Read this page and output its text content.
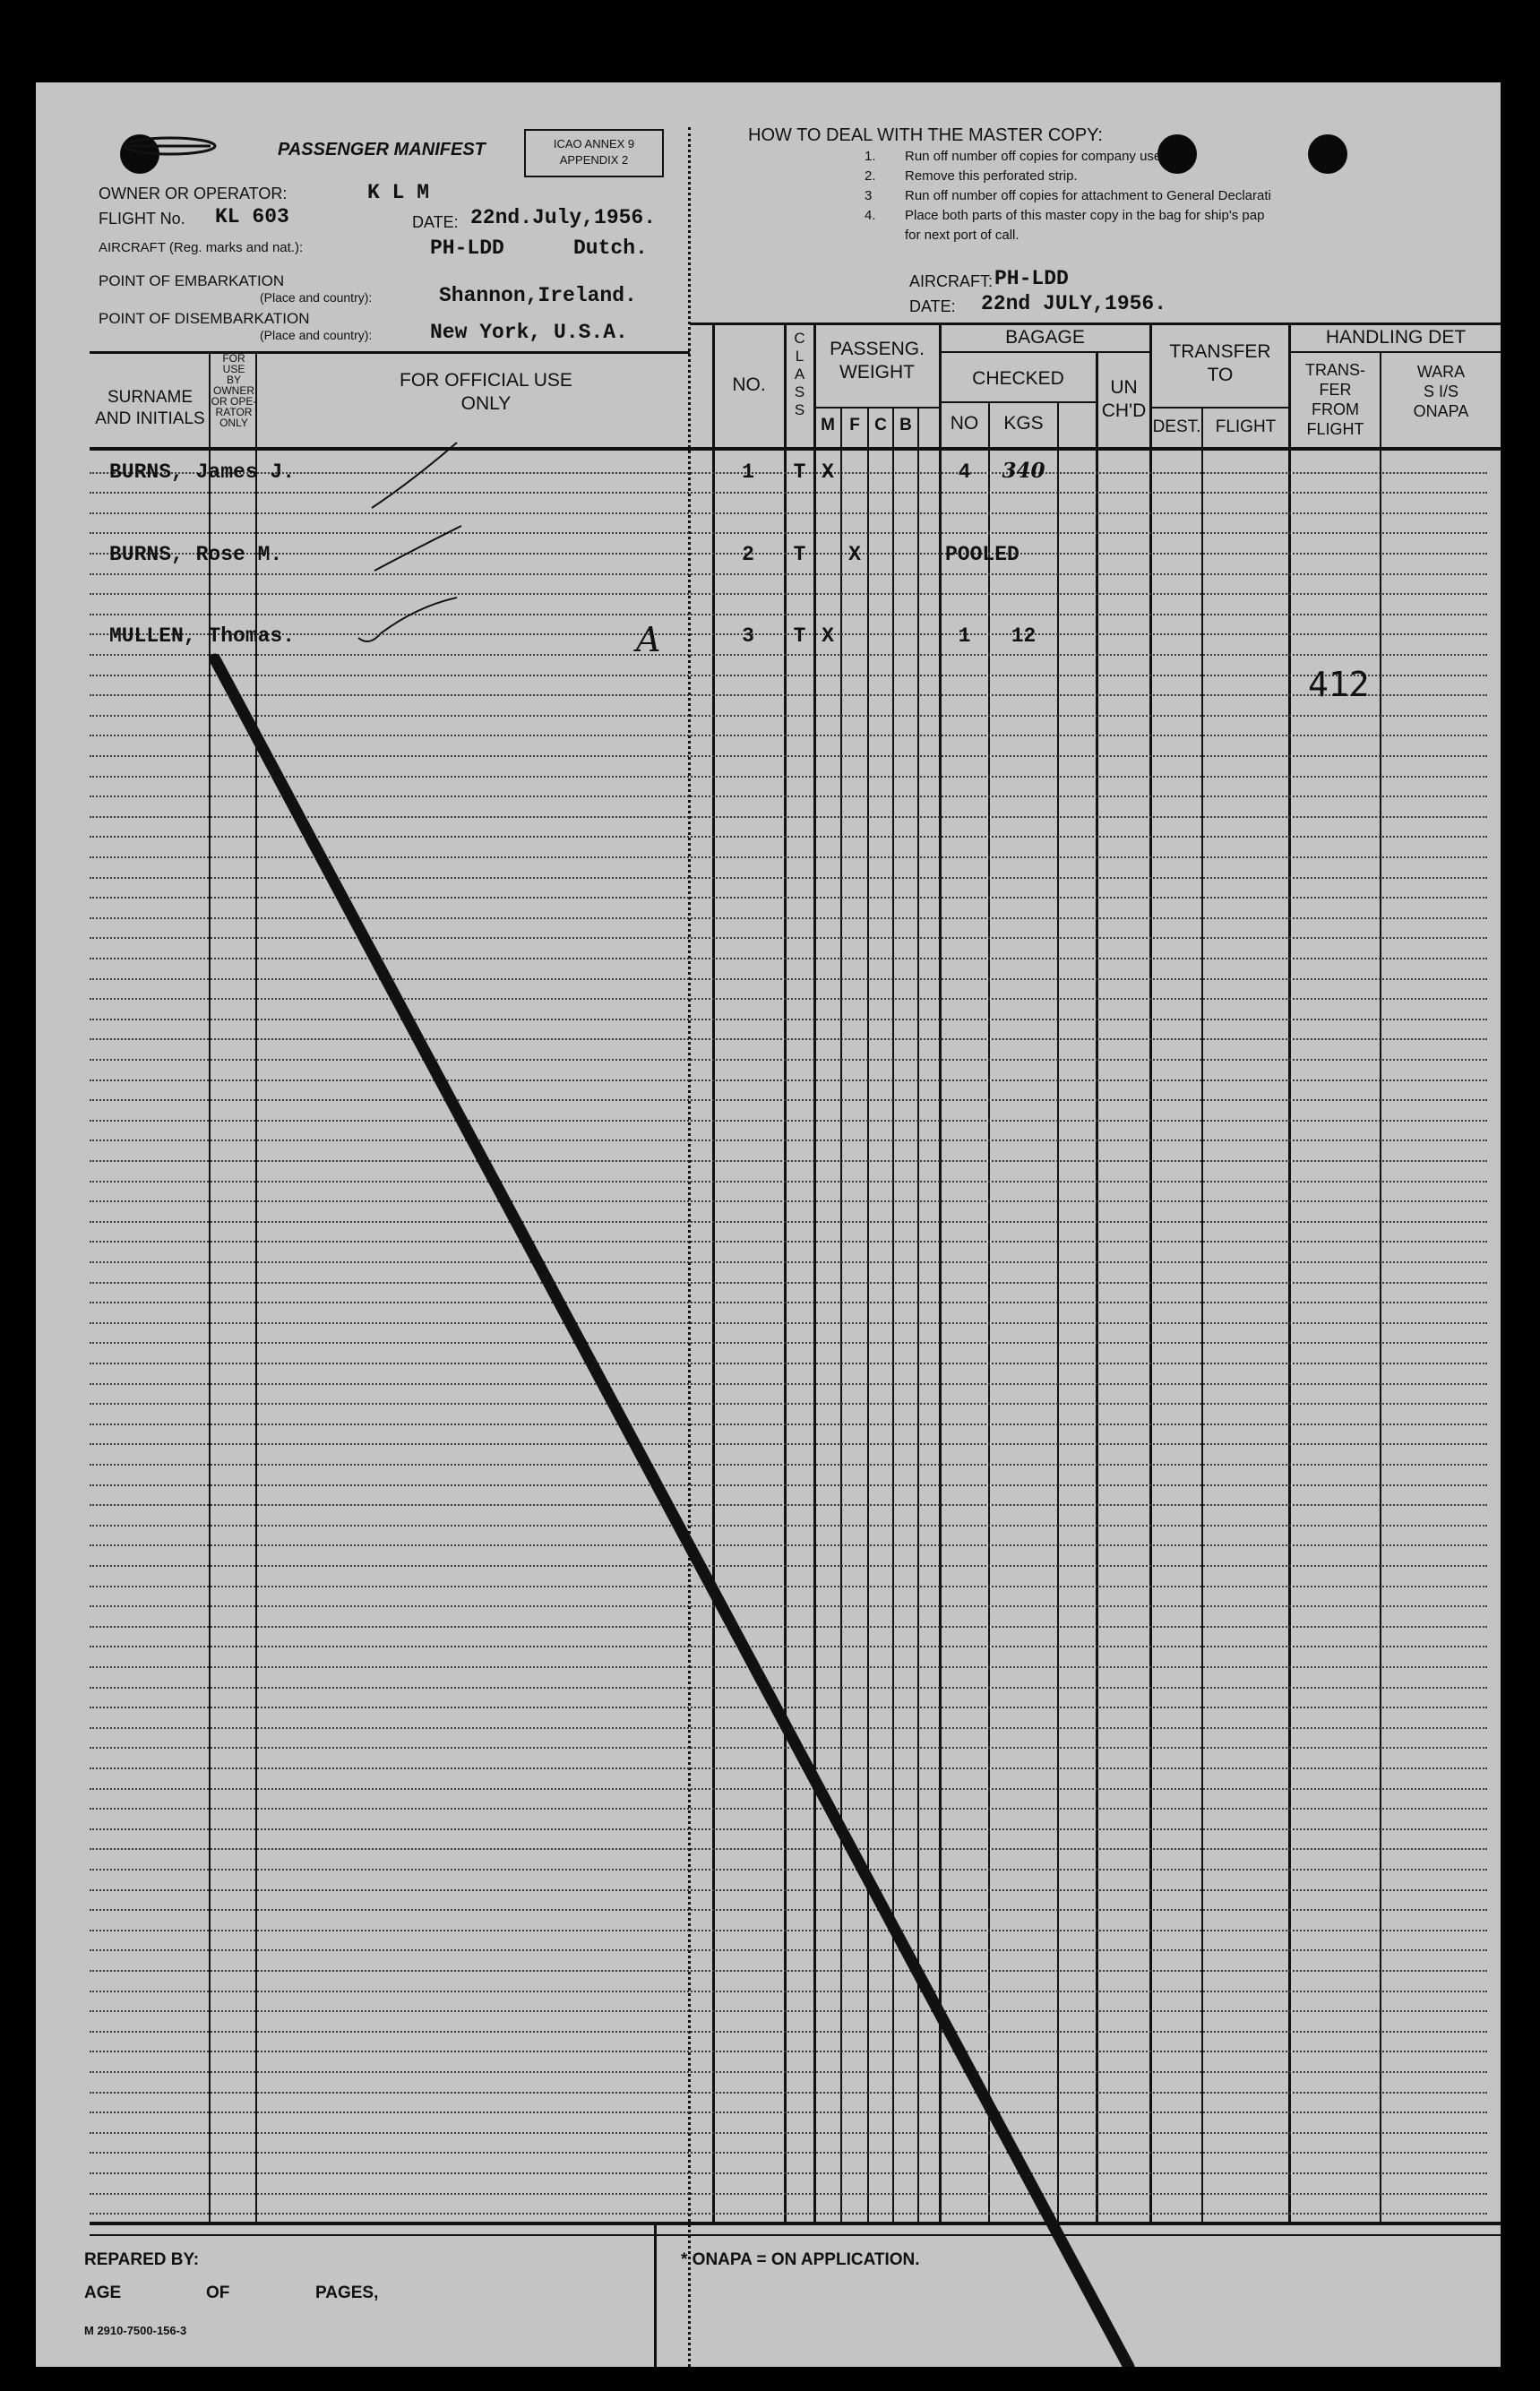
PASSENGER MANIFEST	ICAO ANNEX 9
APPENDIX 2
OWNER OR OPERATOR:	K L M
FLIGHT No. KL 603	DATE: 22nd.July,1956.
AIRCRAFT (Reg. marks and nat.):	PH-LDD	Dutch.
POINT OF EMBARKATION
(Place and country):	Shannon,Ireland.
POINT OF DISEMBARKATION
(Place and country):	New York, U.S.A.
HOW TO DEAL WITH THE MASTER COPY:
1. Run off number off copies for company use.
2. Remove this perforated strip.
3 Run off number off copies for attachment to General Declarati
4. Place both parts of this master copy in the bag for ship's pap
for next port of call.
AIRCRAFT: PH-LDD
DATE: 22nd JULY,1956.
SURNAME AND INITIALS
FOR USE
BY
OWNER
OR OPE-
RATOR
ONLY
FOR OFFICIAL USE
ONLY
NO.
C
L
A
S
S
PASSENG.
WEIGHT
M F C B
BAGAGE
CHECKED
NO	KGS
UN
CH'D
TRANSFER
TO
DEST. FLIGHT
HANDLING DET
TRANS-
FER
FROM
FLIGHT
WARA
S I/S
ONAPA
BURNS, James J.	1	T X	4	340
BURNS, Rose M.	2	T	X	POOLED
MULLEN, Thomas.	A	3	T X	1	12
412
REPARED BY:
AGE	OF	PAGES,
M 2910-7500-156-3
* ONAPA = ON APPLICATION.
